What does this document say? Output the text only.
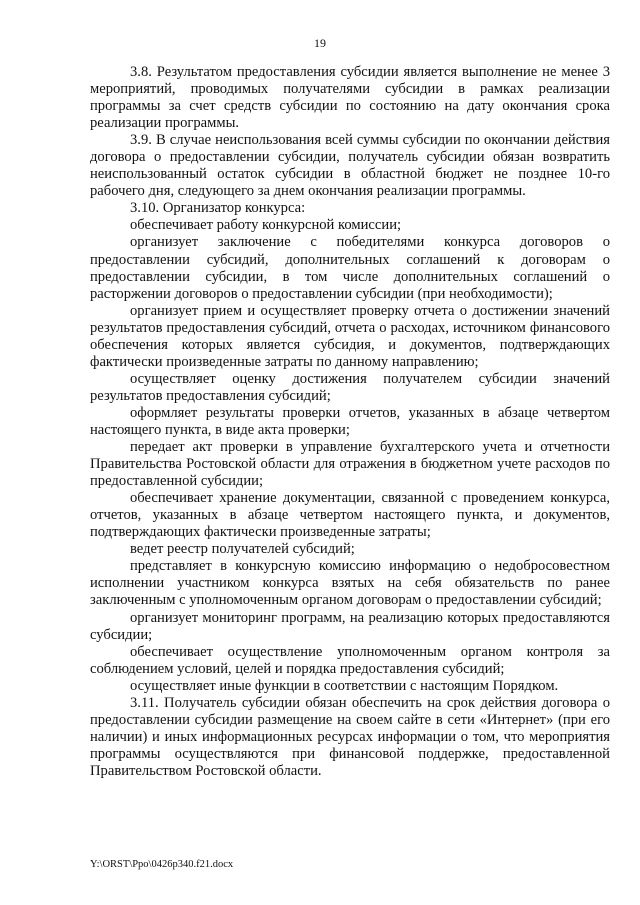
19

3.8. Результатом предоставления субсидии является выполнение не менее 3 мероприятий, проводимых получателями субсидии в рамках реализации программы за счет средств субсидии по состоянию на дату окончания срока реализации программы.

3.9. В случае неиспользования всей суммы субсидии по окончании действия договора о предоставлении субсидии, получатель субсидии обязан возвратить неиспользованный остаток субсидии в областной бюджет не позднее 10-го рабочего дня, следующего за днем окончания реализации программы.

3.10. Организатор конкурса:

обеспечивает работу конкурсной комиссии;

организует заключение с победителями конкурса договоров о предоставлении субсидий, дополнительных соглашений к договорам о предоставлении субсидии, в том числе дополнительных соглашений о расторжении договоров о предоставлении субсидии (при необходимости);

организует прием и осуществляет проверку отчета о достижении значений результатов предоставления субсидий, отчета о расходах, источником финансового обеспечения которых является субсидия, и документов, подтверждающих фактически произведенные затраты по данному направлению;

осуществляет оценку достижения получателем субсидии значений результатов предоставления субсидий;

оформляет результаты проверки отчетов, указанных в абзаце четвертом настоящего пункта, в виде акта проверки;

передает акт проверки в управление бухгалтерского учета и отчетности Правительства Ростовской области для отражения в бюджетном учете расходов по предоставленной субсидии;

обеспечивает хранение документации, связанной с проведением конкурса, отчетов, указанных в абзаце четвертом настоящего пункта, и документов, подтверждающих фактически произведенные затраты;

ведет реестр получателей субсидий;

представляет в конкурсную комиссию информацию о недобросовестном исполнении участником конкурса взятых на себя обязательств по ранее заключенным с уполномоченным органом договорам о предоставлении субсидий;

организует мониторинг программ, на реализацию которых предоставляются субсидии;

обеспечивает осуществление уполномоченным органом контроля за соблюдением условий, целей и порядка предоставления субсидий;

осуществляет иные функции в соответствии с настоящим Порядком.

3.11. Получатель субсидии обязан обеспечить на срок действия договора о предоставлении субсидии размещение на своем сайте в сети «Интернет» (при его наличии) и иных информационных ресурсах информации о том, что мероприятия программы осуществляются при финансовой поддержке, предоставленной Правительством Ростовской области.

Y:\ORST\Ppo\0426p340.f21.docx
